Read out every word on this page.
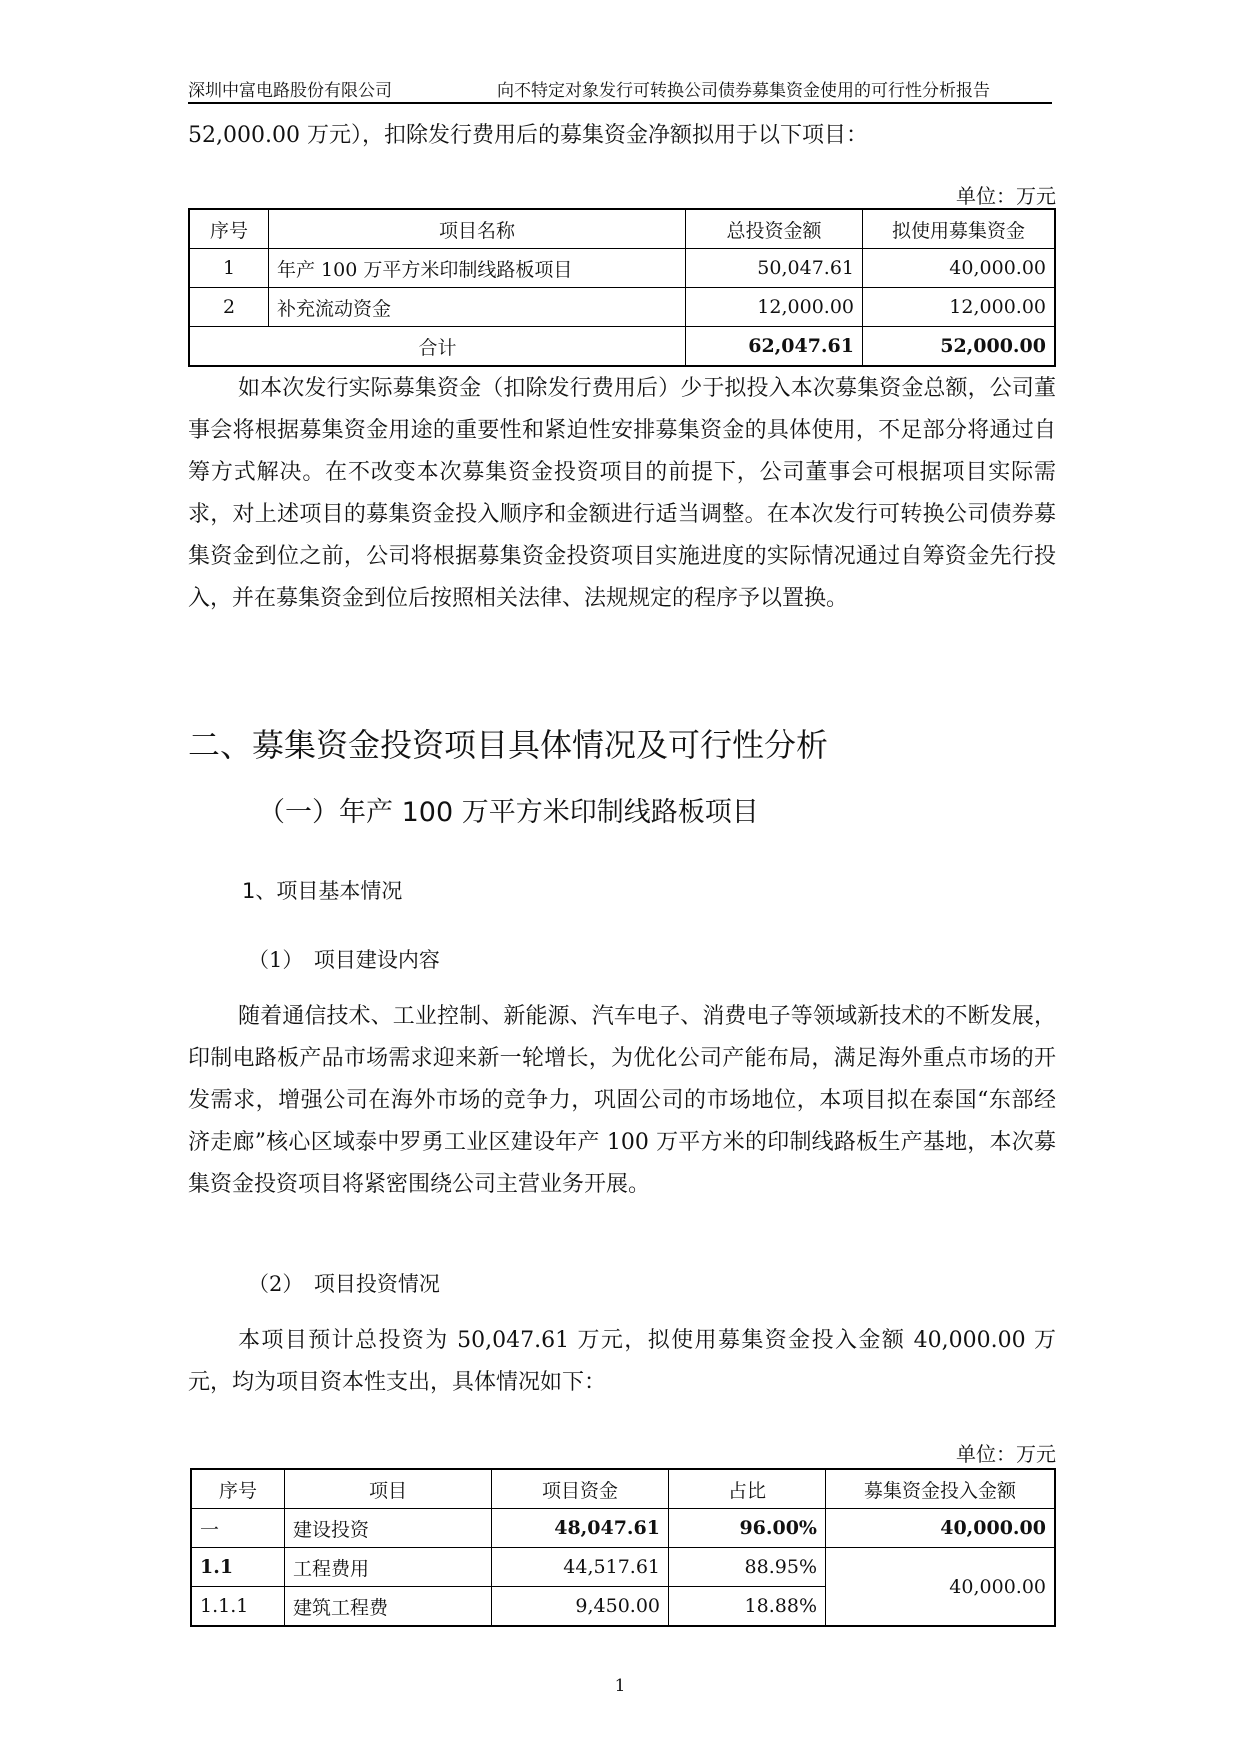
深圳中富电路股份有限公司	向不特定对象发行可转换公司债券募集资金使用的可行性分析报告
52,000.00 万元），扣除发行费用后的募集资金净额拟用于以下项目：
单位：万元
序号	项目名称	总投资金额	拟使用募集资金
1	年产 100 万平方米印制线路板项目	50,047.61	40,000.00
2	补充流动资金	12,000.00	12,000.00
合计		62,047.61	52,000.00
如本次发行实际募集资金（扣除发行费用后）少于拟投入本次募集资金总额，公司董事会将根据募集资金用途的重要性和紧迫性安排募集资金的具体使用，不足部分将通过自筹方式解决。在不改变本次募集资金投资项目的前提下，公司董事会可根据项目实际需求，对上述项目的募集资金投入顺序和金额进行适当调整。在本次发行可转换公司债券募集资金到位之前，公司将根据募集资金投资项目实施进度的实际情况通过自筹资金先行投入，并在募集资金到位后按照相关法律、法规规定的程序予以置换。
二、募集资金投资项目具体情况及可行性分析
（一）年产 100 万平方米印制线路板项目
1、项目基本情况
（1）　项目建设内容
随着通信技术、工业控制、新能源、汽车电子、消费电子等领域新技术的不断发展，印制电路板产品市场需求迎来新一轮增长，为优化公司产能布局，满足海外重点市场的开发需求，增强公司在海外市场的竞争力，巩固公司的市场地位，本项目拟在泰国“东部经济走廊”核心区域泰中罗勇工业区建设年产 100 万平方米的印制线路板生产基地，本次募集资金投资项目将紧密围绕公司主营业务开展。
（2）　项目投资情况
本项目预计总投资为 50,047.61 万元，拟使用募集资金投入金额 40,000.00 万元，均为项目资本性支出，具体情况如下：
单位：万元
序号	项目	项目资金	占比	募集资金投入金额
一	建设投资	48,047.61	96.00%	40,000.00
1.1	工程费用	44,517.61	88.95%	40,000.00
1.1.1	建筑工程费	9,450.00	18.88%	
1
